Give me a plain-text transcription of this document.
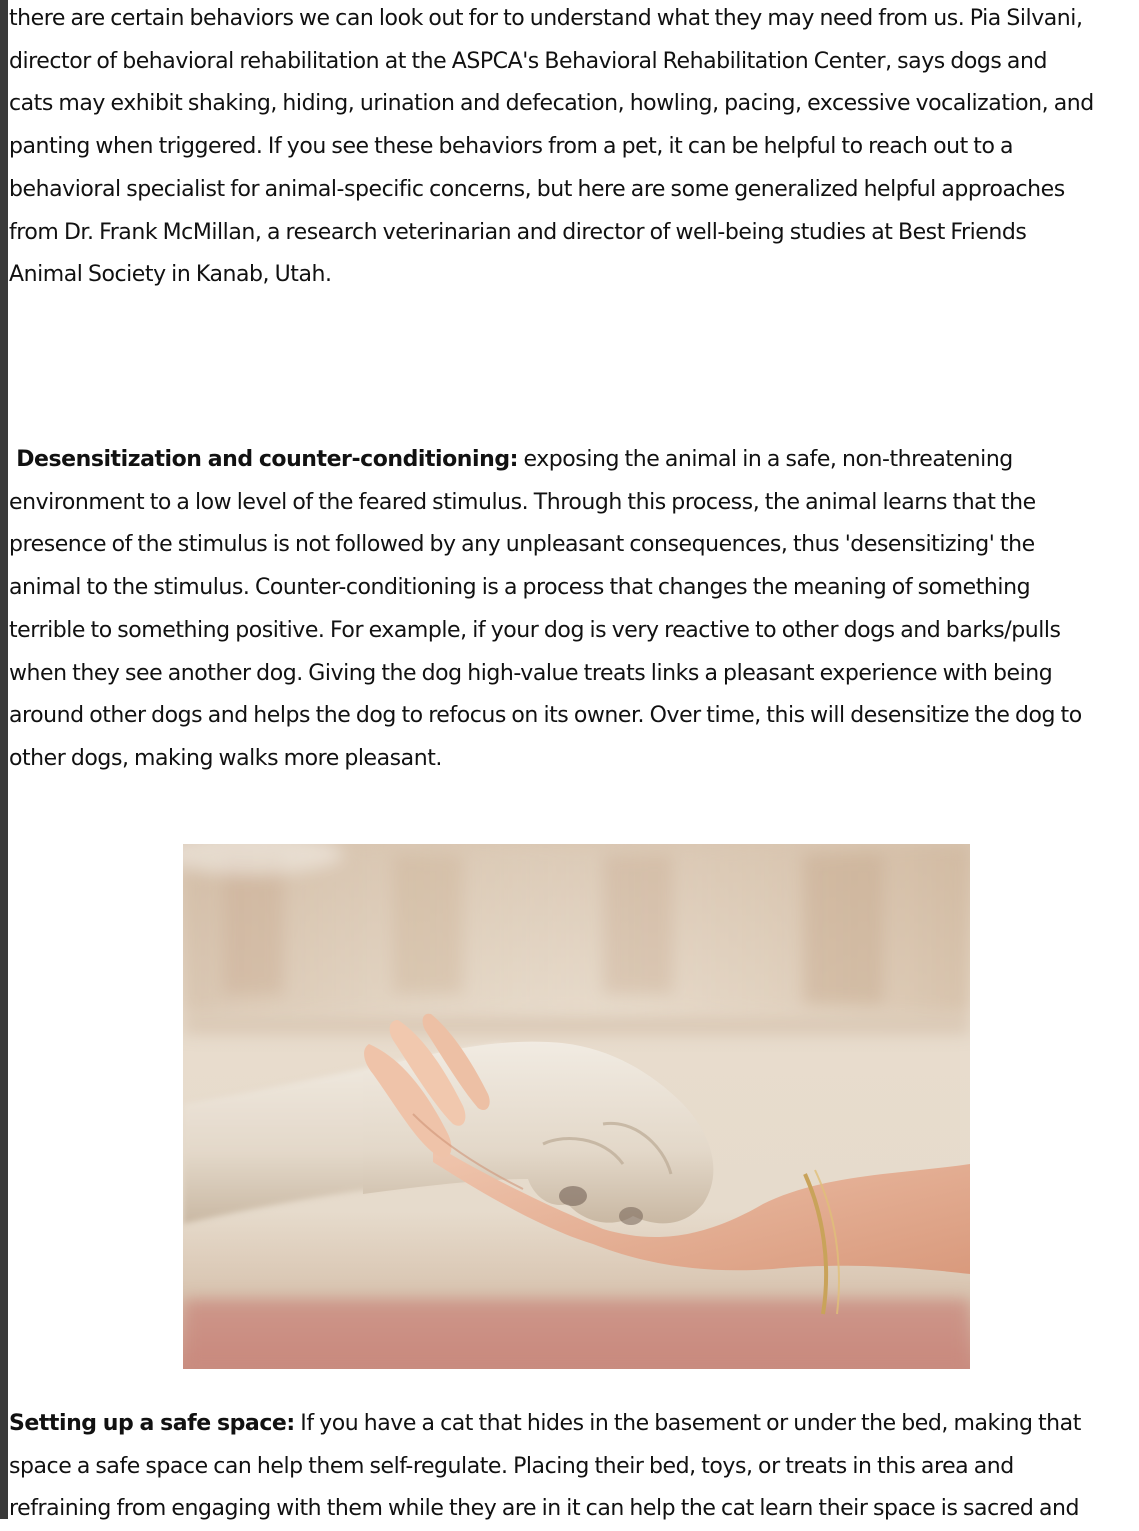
there are certain behaviors we can look out for to understand what they may need from us. Pia Silvani,
director of behavioral rehabilitation at the ASPCA's Behavioral Rehabilitation Center, says dogs and
cats may exhibit shaking, hiding, urination and defecation, howling, pacing, excessive vocalization, and
panting when triggered. If you see these behaviors from a pet, it can be helpful to reach out to a
behavioral specialist for animal-specific concerns, but here are some generalized helpful approaches
from Dr. Frank McMillan, a research veterinarian and director of well-being studies at Best Friends
Animal Society in Kanab, Utah.

Desensitization and counter-conditioning: exposing the animal in a safe, non-threatening
environment to a low level of the feared stimulus. Through this process, the animal learns that the
presence of the stimulus is not followed by any unpleasant consequences, thus 'desensitizing' the
animal to the stimulus. Counter-conditioning is a process that changes the meaning of something
terrible to something positive. For example, if your dog is very reactive to other dogs and barks/pulls
when they see another dog. Giving the dog high-value treats links a pleasant experience with being
around other dogs and helps the dog to refocus on its owner. Over time, this will desensitize the dog to
other dogs, making walks more pleasant.

Setting up a safe space: If you have a cat that hides in the basement or under the bed, making that
space a safe space can help them self-regulate. Placing their bed, toys, or treats in this area and
refraining from engaging with them while they are in it can help the cat learn their space is sacred and
